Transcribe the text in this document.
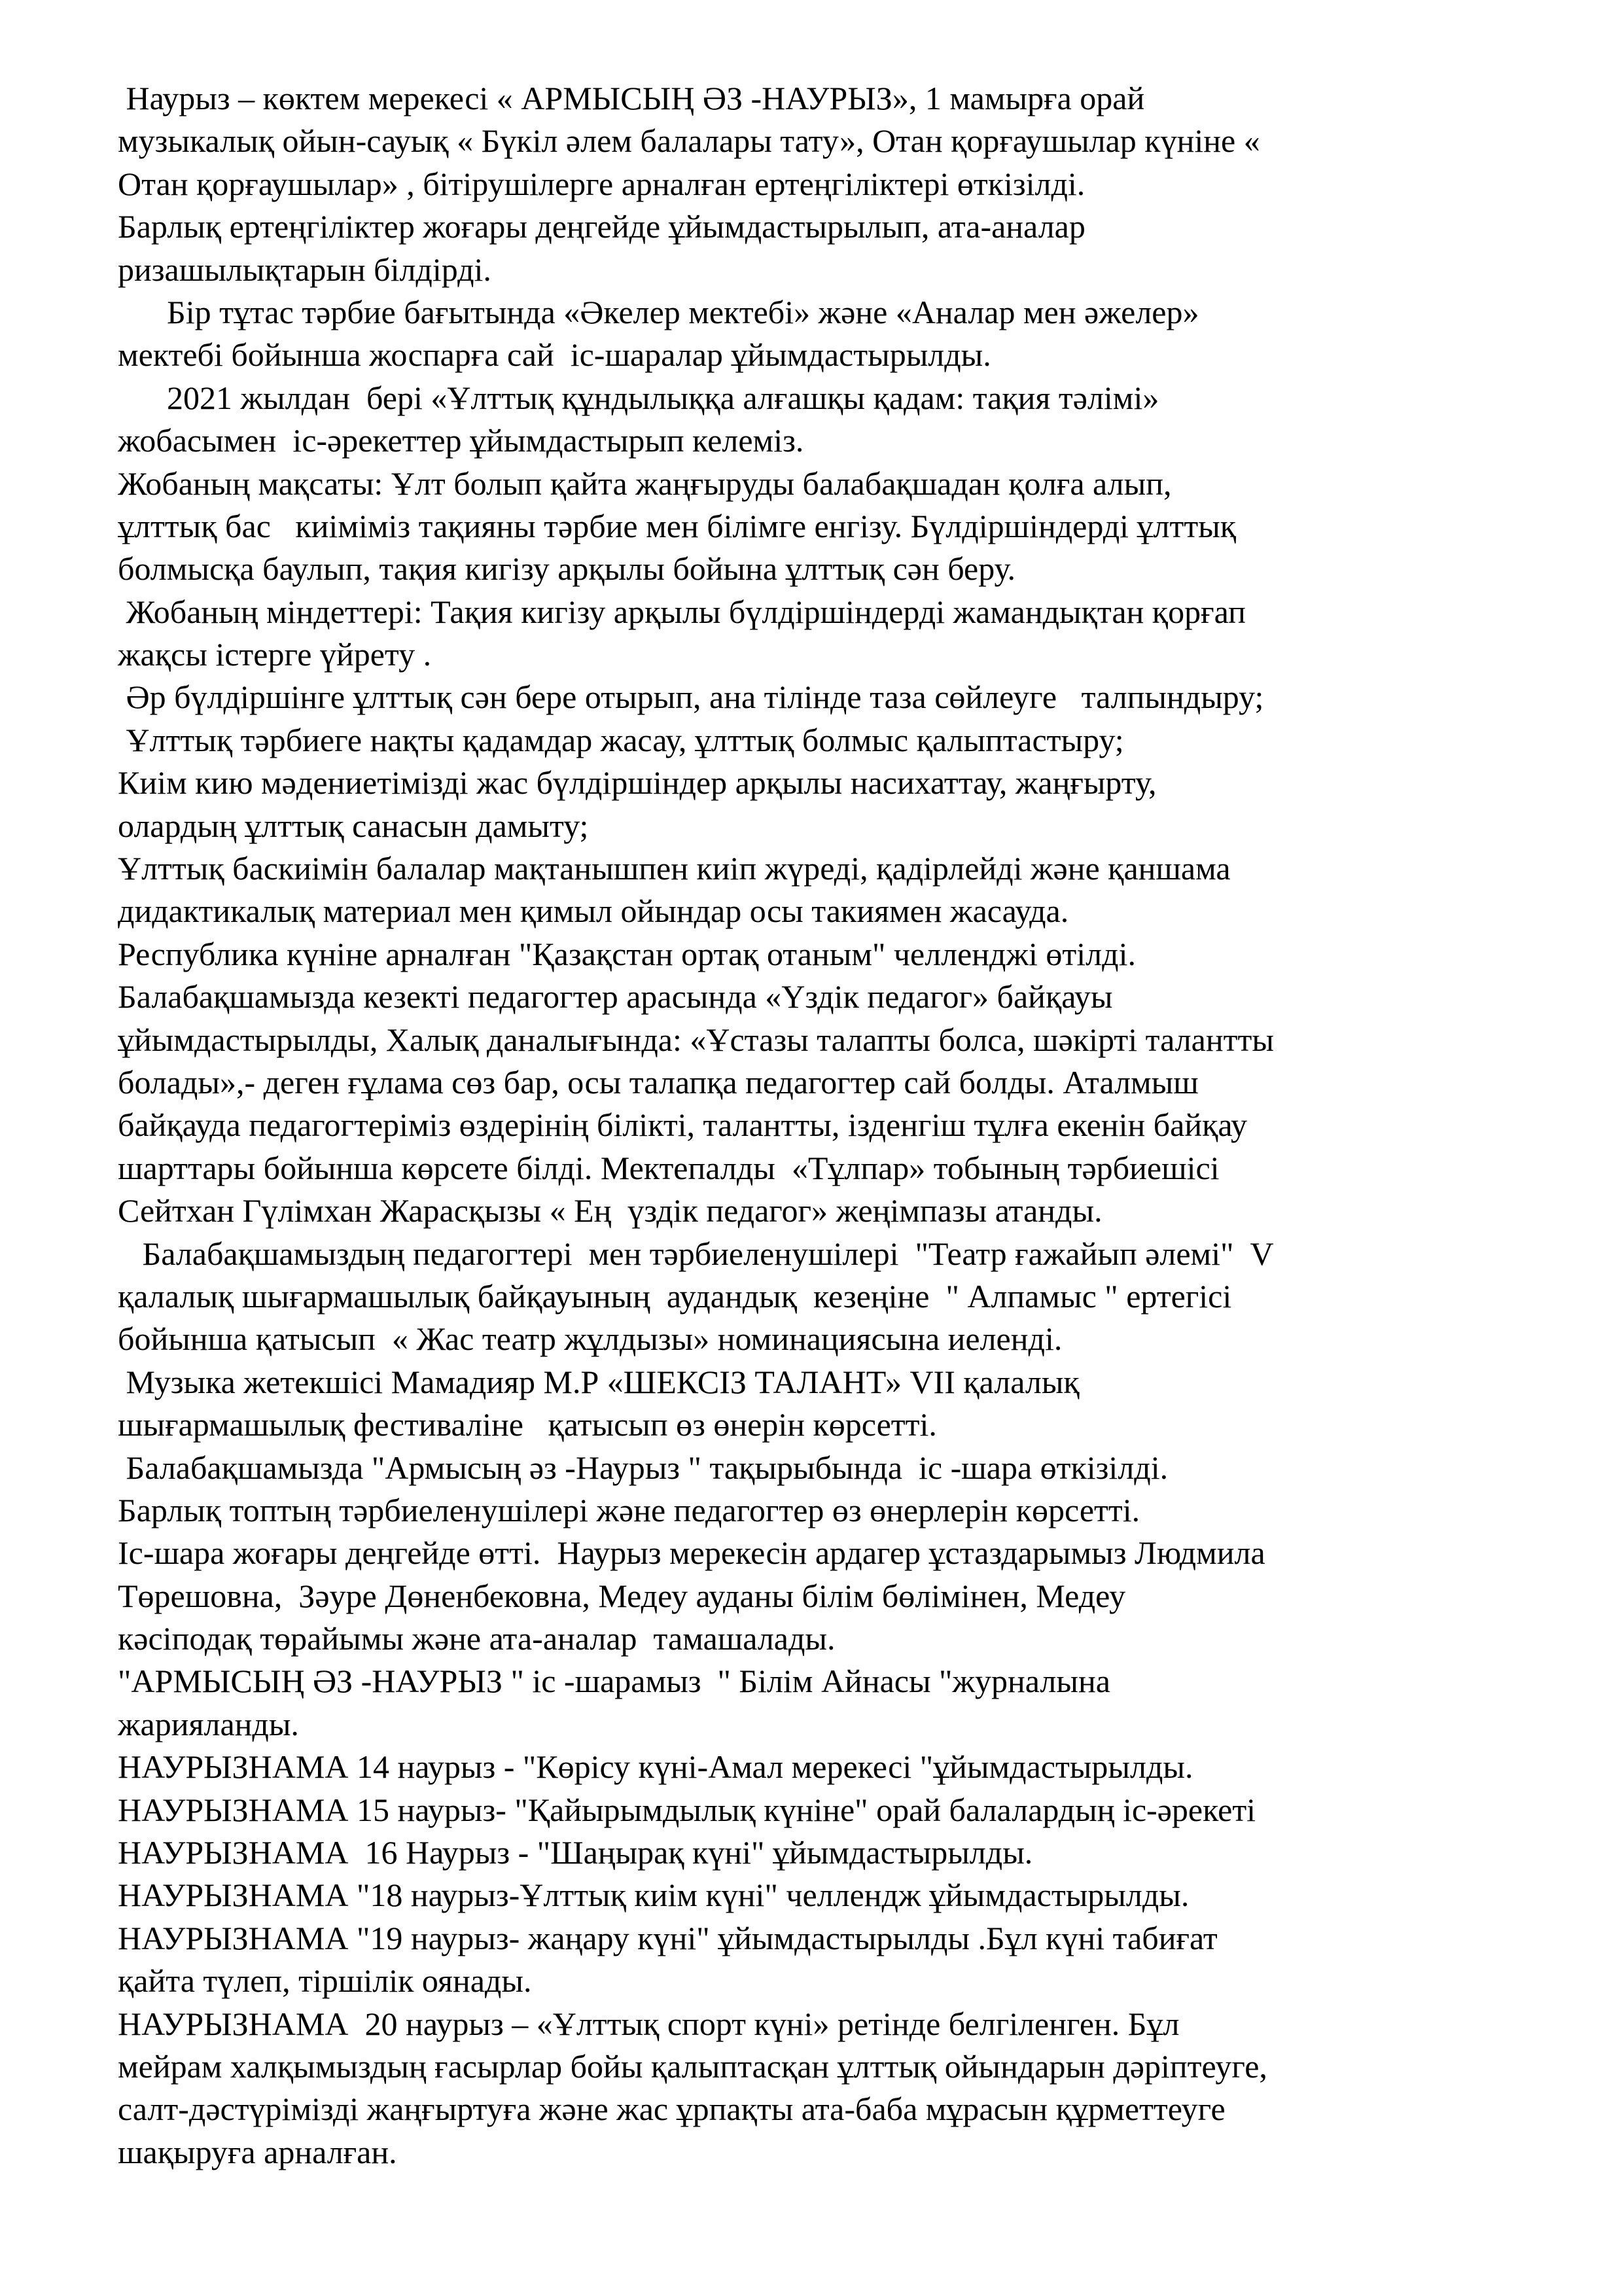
Наурыз – көктем мерекесі « АРМЫСЫҢ ӘЗ -НАУРЫЗ», 1 мамырға орай
музыкалық ойын-сауық « Бүкіл әлем балалары тату», Отан қорғаушылар күніне «
Отан қорғаушылар» , бітірушілерге арналған ертеңгіліктері өткізілді.
Барлық ертеңгіліктер жоғары деңгейде ұйымдастырылып, ата-аналар
ризашылықтарын білдірді.
Бір тұтас тәрбие бағытында «Әкелер мектебі» және «Аналар мен әжелер»
мектебі бойынша жоспарға сай  іс-шаралар ұйымдастырылды.
2021 жылдан  бері «Ұлттық құндылыққа алғашқы қадам: тақия тәлімі»
жобасымен  іс-әрекеттер ұйымдастырып келеміз.
Жобаның мақсаты: Ұлт болып қайта жаңғыруды балабақшадан қолға алып,
ұлттық бас   киіміміз тақияны тәрбие мен білімге енгізу. Бүлдіршіндерді ұлттық
болмысқа баулып, тақия кигізу арқылы бойына ұлттық сән беру.
Жобаның міндеттері: Тақия кигізу арқылы бүлдіршіндерді жамандықтан қорғап
жақсы істерге үйрету .
Әр бүлдіршінге ұлттық сән бере отырып, ана тілінде таза сөйлеуге   талпындыру;
Ұлттық тәрбиеге нақты қадамдар жасау, ұлттық болмыс қалыптастыру;
Киім кию мәдениетімізді жас бүлдіршіндер арқылы насихаттау, жаңғырту,
олардың ұлттық санасын дамыту;
Ұлттық баскиімін балалар мақтанышпен киіп жүреді, қадірлейді және қаншама
дидактикалық материал мен қимыл ойындар осы такиямен жасауда.
Республика күніне арналған "Қазақстан ортақ отаным" челленджі өтілді.
Балабақшамызда кезекті педагогтер арасында «Үздік педагог» байқауы
ұйымдастырылды, Халық даналығында: «Ұстазы талапты болса, шәкірті талантты
болады»,- деген ғұлама сөз бар, осы талапқа педагогтер сай болды. Аталмыш
байқауда педагогтеріміз өздерінің білікті, талантты, ізденгіш тұлға екенін байқау
шарттары бойынша көрсете білді. Мектепалды  «Тұлпар» тобының тәрбиешісі
Сейтхан Гүлімхан Жарасқызы « Ең  үздік педагог» жеңімпазы атанды.
Балабақшамыздың педагогтері  мен тәрбиеленушілері  "Театр ғажайып әлемі"  V
қалалық шығармашылық байқауының  аудандық  кезеңіне  " Алпамыс " ертегісі
бойынша қатысып  « Жас театр жұлдызы» номинациясына иеленді.
Музыка жетекшісі Мамадияр М.Р «ШЕКСІЗ ТАЛАНТ» VII қалалық
шығармашылық фестиваліне   қатысып өз өнерін көрсетті.
Балабақшамызда "Армысың әз -Наурыз " тақырыбында  іс -шара өткізілді.
Барлық топтың тәрбиеленушілері және педагогтер өз өнерлерін көрсетті.
Іс-шара жоғары деңгейде өтті.  Наурыз мерекесін ардагер ұстаздарымыз Людмила
Төрешовна,  Зәуре Дөненбековна, Медеу ауданы білім бөлімінен, Медеу
кәсіподақ төрайымы және ата-аналар  тамашалады.
"АРМЫСЫҢ ӘЗ -НАУРЫЗ " іс -шарамыз  " Білім Айнасы "журналына
жарияланды.
НАУРЫЗНАМА 14 наурыз - "Көрісу күні-Амал мерекесі "ұйымдастырылды.
НАУРЫЗНАМА 15 наурыз- "Қайырымдылық күніне" орай балалардың іс-әрекеті
НАУРЫЗНАМА  16 Наурыз - "Шаңырақ күні" ұйымдастырылды.
НАУРЫЗНАМА "18 наурыз-Ұлттық киім күні" челлендж ұйымдастырылды.
НАУРЫЗНАМА "19 наурыз- жаңару күні" ұйымдастырылды .Бұл күні табиғат
қайта түлеп, тіршілік оянады.
НАУРЫЗНАМА  20 наурыз – «Ұлттық спорт күні» ретінде белгіленген. Бұл
мейрам халқымыздың ғасырлар бойы қалыптасқан ұлттық ойындарын дәріптеуге,
салт-дәстүрімізді жаңғыртуға және жас ұрпақты ата-баба мұрасын құрметтеуге
шақыруға арналған.
